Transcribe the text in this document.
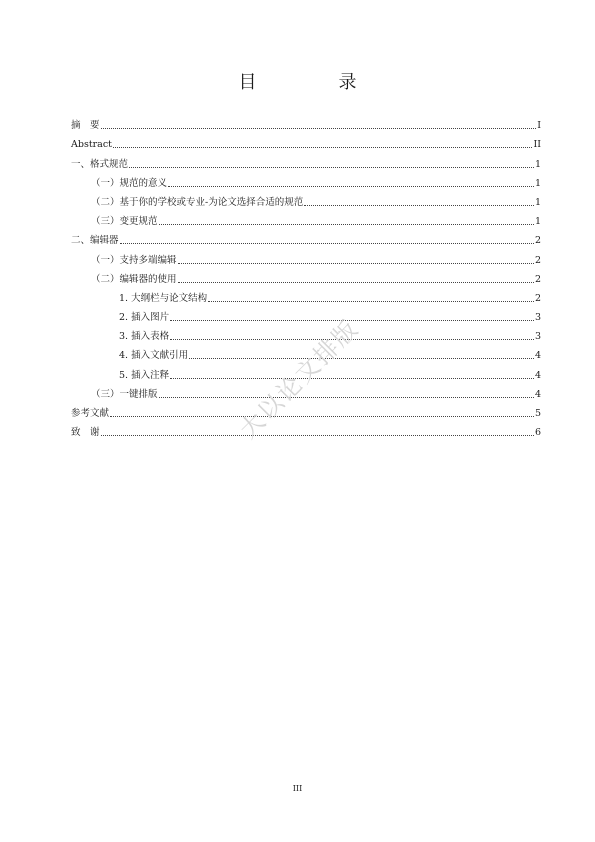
目　录
摘　要	I
Abstract	II
一、格式规范	1
（一）规范的意义	1
（二）基于你的学校或专业-为论文选择合适的规范	1
（三）变更规范	1
二、编辑器	2
（一）支持多端编辑	2
（二）编辑器的使用	2
1. 大纲栏与论文结构	2
2. 插入图片	3
3. 插入表格	3
4. 插入文献引用	4
5. 插入注释	4
（三）一键排版	4
参考文献	5
致　谢	6
大以论文排版
III
